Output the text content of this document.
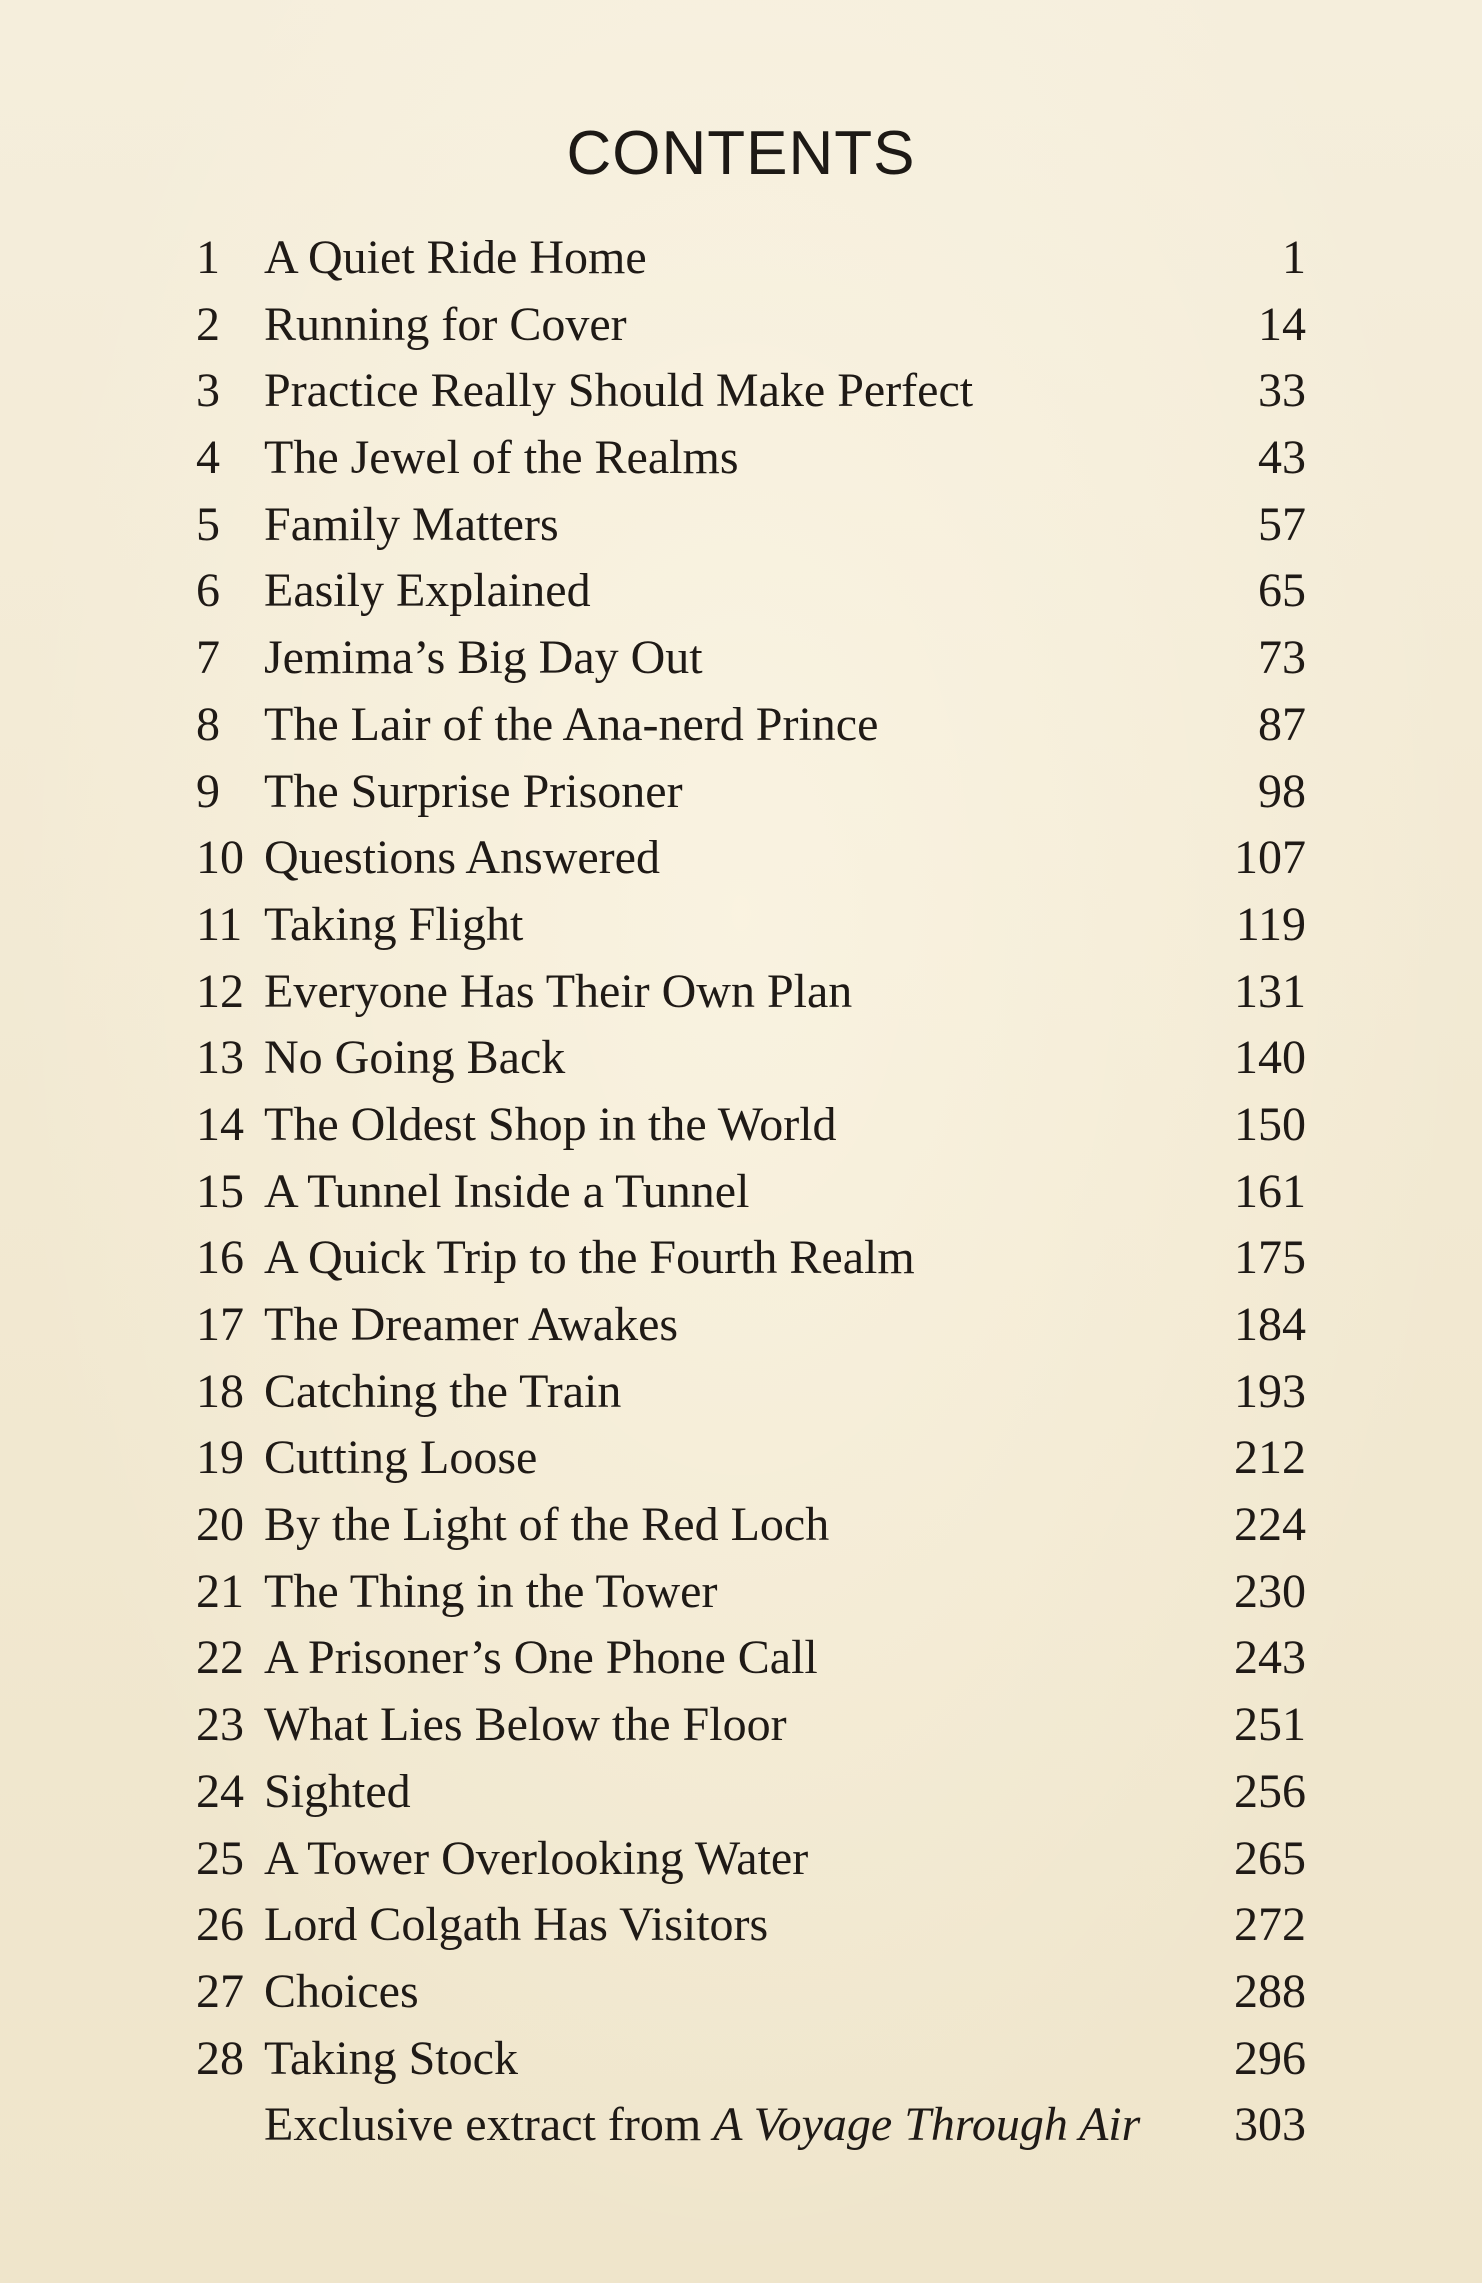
CONTENTS
1 A Quiet Ride Home	1
2 Running for Cover	14
3 Practice Really Should Make Perfect	33
4 The Jewel of the Realms	43
5 Family Matters	57
6 Easily Explained	65
7 Jemima’s Big Day Out	73
8 The Lair of the Ana-nerd Prince	87
9 The Surprise Prisoner	98
10 Questions Answered	107
11 Taking Flight	119
12 Everyone Has Their Own Plan	131
13 No Going Back	140
14 The Oldest Shop in the World	150
15 A Tunnel Inside a Tunnel	161
16 A Quick Trip to the Fourth Realm	175
17 The Dreamer Awakes	184
18 Catching the Train	193
19 Cutting Loose	212
20 By the Light of the Red Loch	224
21 The Thing in the Tower	230
22 A Prisoner’s One Phone Call	243
23 What Lies Below the Floor	251
24 Sighted	256
25 A Tower Overlooking Water	265
26 Lord Colgath Has Visitors	272
27 Choices	288
28 Taking Stock	296
Exclusive extract from A Voyage Through Air 303
